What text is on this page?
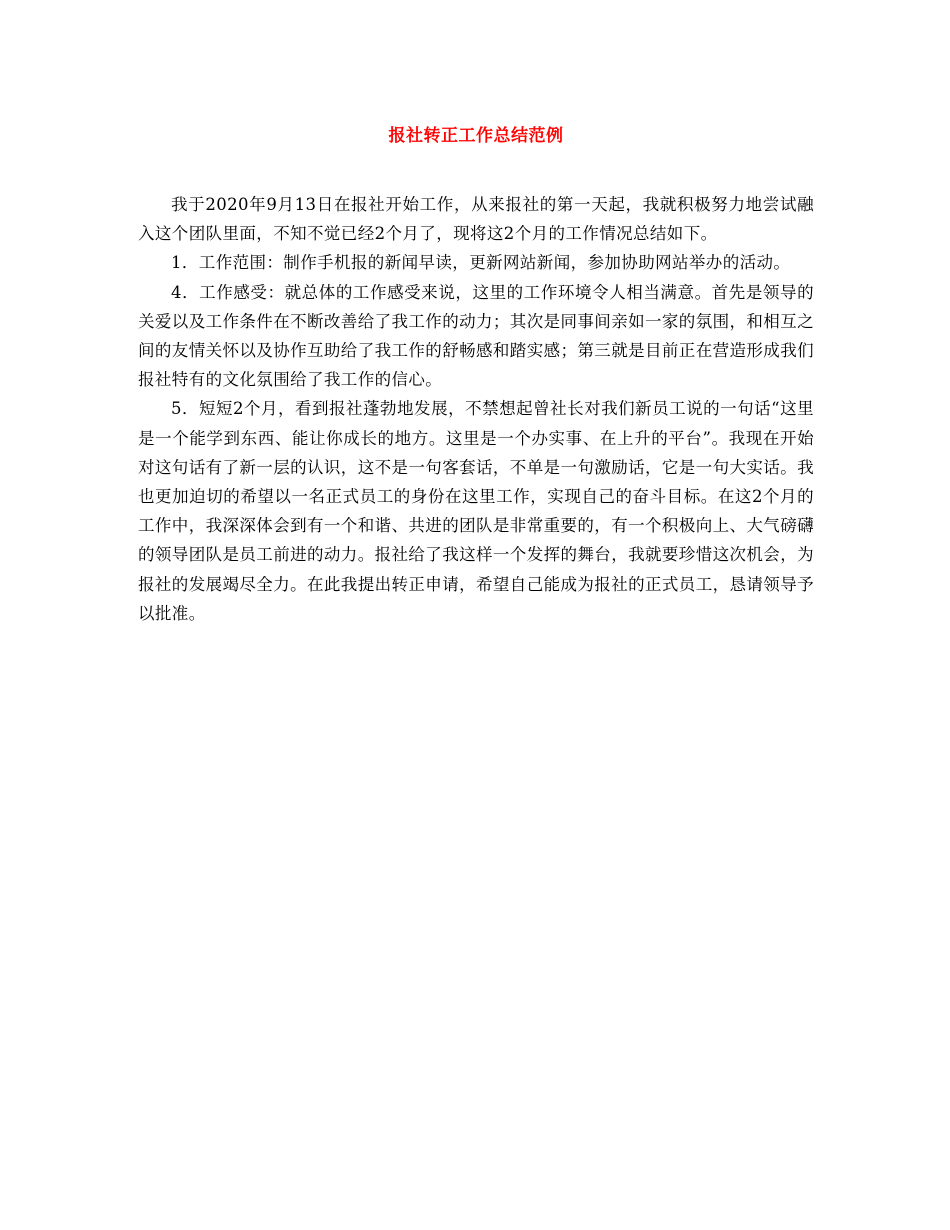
报社转正工作总结范例

我于2020年9月13日在报社开始工作，从来报社的第一天起，我就积极努力地尝试融入这个团队里面，不知不觉已经2个月了，现将这2个月的工作情况总结如下。

1．工作范围：制作手机报的新闻早读，更新网站新闻，参加协助网站举办的活动。

4．工作感受：就总体的工作感受来说，这里的工作环境令人相当满意。首先是领导的关爱以及工作条件在不断改善给了我工作的动力；其次是同事间亲如一家的氛围，和相互之间的友情关怀以及协作互助给了我工作的舒畅感和踏实感；第三就是目前正在营造形成我们报社特有的文化氛围给了我工作的信心。

5．短短2个月，看到报社蓬勃地发展，不禁想起曾社长对我们新员工说的一句话“这里是一个能学到东西、能让你成长的地方。这里是一个办实事、在上升的平台”。我现在开始对这句话有了新一层的认识，这不是一句客套话，不单是一句激励话，它是一句大实话。我也更加迫切的希望以一名正式员工的身份在这里工作，实现自己的奋斗目标。在这2个月的工作中，我深深体会到有一个和谐、共进的团队是非常重要的，有一个积极向上、大气磅礴的领导团队是员工前进的动力。报社给了我这样一个发挥的舞台，我就要珍惜这次机会，为报社的发展竭尽全力。在此我提出转正申请，希望自己能成为报社的正式员工，恳请领导予以批准。
